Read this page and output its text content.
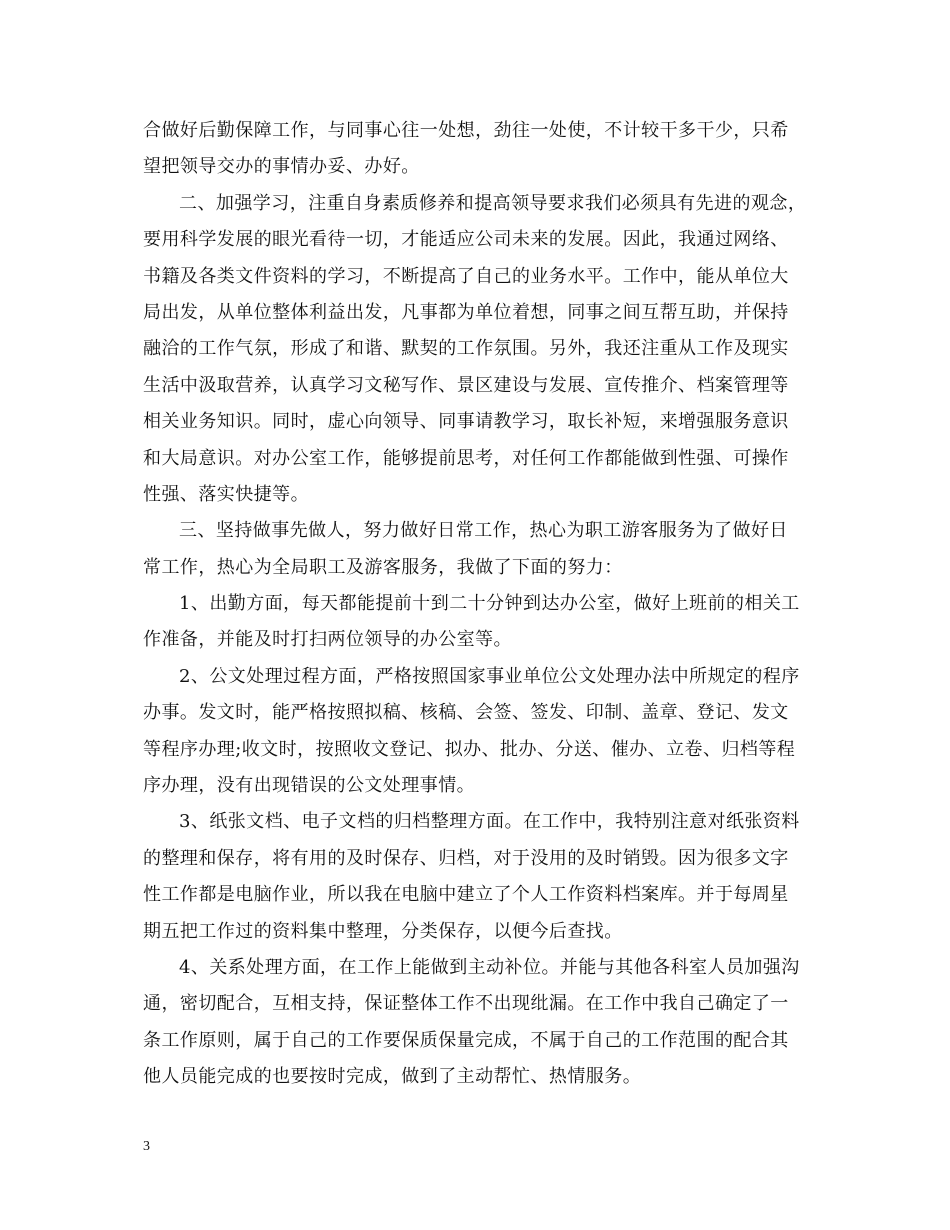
合做好后勤保障工作，与同事心往一处想，劲往一处使，不计较干多干少，只希
望把领导交办的事情办妥、办好。
二、加强学习，注重自身素质修养和提高领导要求我们必须具有先进的观念，
要用科学发展的眼光看待一切，才能适应公司未来的发展。因此，我通过网络、
书籍及各类文件资料的学习，不断提高了自己的业务水平。工作中，能从单位大
局出发，从单位整体利益出发，凡事都为单位着想，同事之间互帮互助，并保持
融洽的工作气氛，形成了和谐、默契的工作氛围。另外，我还注重从工作及现实
生活中汲取营养，认真学习文秘写作、景区建设与发展、宣传推介、档案管理等
相关业务知识。同时，虚心向领导、同事请教学习，取长补短，来增强服务意识
和大局意识。对办公室工作，能够提前思考，对任何工作都能做到性强、可操作
性强、落实快捷等。
三、坚持做事先做人，努力做好日常工作，热心为职工游客服务为了做好日
常工作，热心为全局职工及游客服务，我做了下面的努力：
1、出勤方面，每天都能提前十到二十分钟到达办公室，做好上班前的相关工
作准备，并能及时打扫两位领导的办公室等。
2、公文处理过程方面，严格按照国家事业单位公文处理办法中所规定的程序
办事。发文时，能严格按照拟稿、核稿、会签、签发、印制、盖章、登记、发文
等程序办理;收文时，按照收文登记、拟办、批办、分送、催办、立卷、归档等程
序办理，没有出现错误的公文处理事情。
3、纸张文档、电子文档的归档整理方面。在工作中，我特别注意对纸张资料
的整理和保存，将有用的及时保存、归档，对于没用的及时销毁。因为很多文字
性工作都是电脑作业，所以我在电脑中建立了个人工作资料档案库。并于每周星
期五把工作过的资料集中整理，分类保存，以便今后查找。
4、关系处理方面，在工作上能做到主动补位。并能与其他各科室人员加强沟
通，密切配合，互相支持，保证整体工作不出现纰漏。在工作中我自己确定了一
条工作原则，属于自己的工作要保质保量完成，不属于自己的工作范围的配合其
他人员能完成的也要按时完成，做到了主动帮忙、热情服务。
3
